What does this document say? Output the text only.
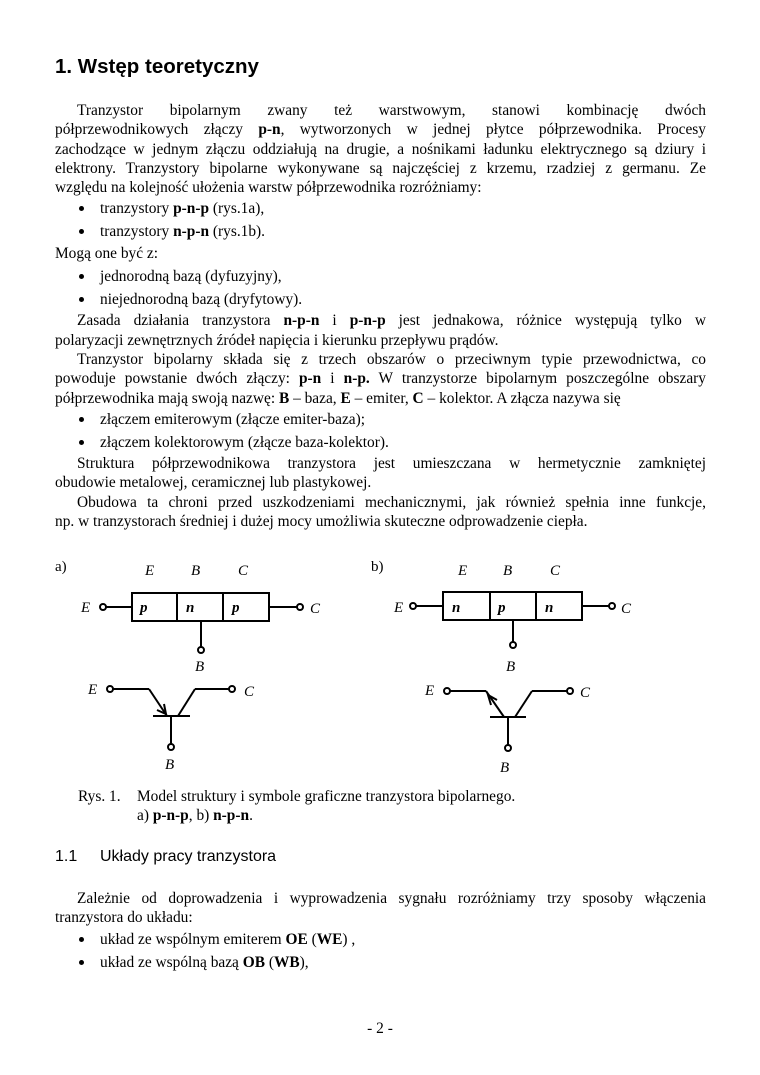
1. Wstęp teoretyczny
Tranzystor bipolarnym zwany też warstwowym, stanowi kombinację dwóch
półprzewodnikowych złączy p-n, wytworzonych w jednej płytce półprzewodnika. Procesy
zachodzące w jednym złączu oddziałują na drugie, a nośnikami ładunku elektrycznego są dziury i
elektrony. Tranzystory bipolarne wykonywane są najczęściej z krzemu, rzadziej z germanu. Ze
względu na kolejność ułożenia warstw półprzewodnika rozróżniamy:
tranzystory p-n-p (rys.1a),
tranzystory n-p-n (rys.1b).
Mogą one być z:
jednorodną bazą (dyfuzyjny),
niejednorodną bazą (dryfytowy).
Zasada działania tranzystora n-p-n i p-n-p jest jednakowa, różnice występują tylko w
polaryzacji zewnętrznych źródeł napięcia i kierunku przepływu prądów.
Tranzystor bipolarny składa się z trzech obszarów o przeciwnym typie przewodnictwa, co
powoduje powstanie dwóch złączy: p-n i n-p. W tranzystorze bipolarnym poszczególne obszary
półprzewodnika mają swoją nazwę: B – baza, E – emiter, C – kolektor. A złącza nazywa się
złączem emiterowym (złącze emiter-baza);
złączem kolektorowym (złącze baza-kolektor).
Struktura półprzewodnikowa tranzystora jest umieszczana w hermetycznie zamkniętej
obudowie metalowej, ceramicznej lub plastykowej.
Obudowa ta chroni przed uszkodzeniami mechanicznymi, jak również spełnia inne funkcje,
np. w tranzystorach średniej i dużej mocy umożliwia skuteczne odprowadzenie ciepła.
a)	E B	C
p	n	p
E	C
B
E	C
B
b)	E B	C
n	p	n
E	C
B
E	C
B
Rys. 1. Model struktury i symbole graficzne tranzystora bipolarnego.
a) p-n-p, b) n-p-n.
1.1 Układy pracy tranzystora
Zależnie od doprowadzenia i wyprowadzenia sygnału rozróżniamy trzy sposoby włączenia
tranzystora do układu:
układ ze wspólnym emiterem OE (WE) ,
układ ze wspólną bazą OB (WB),
- 2 -
